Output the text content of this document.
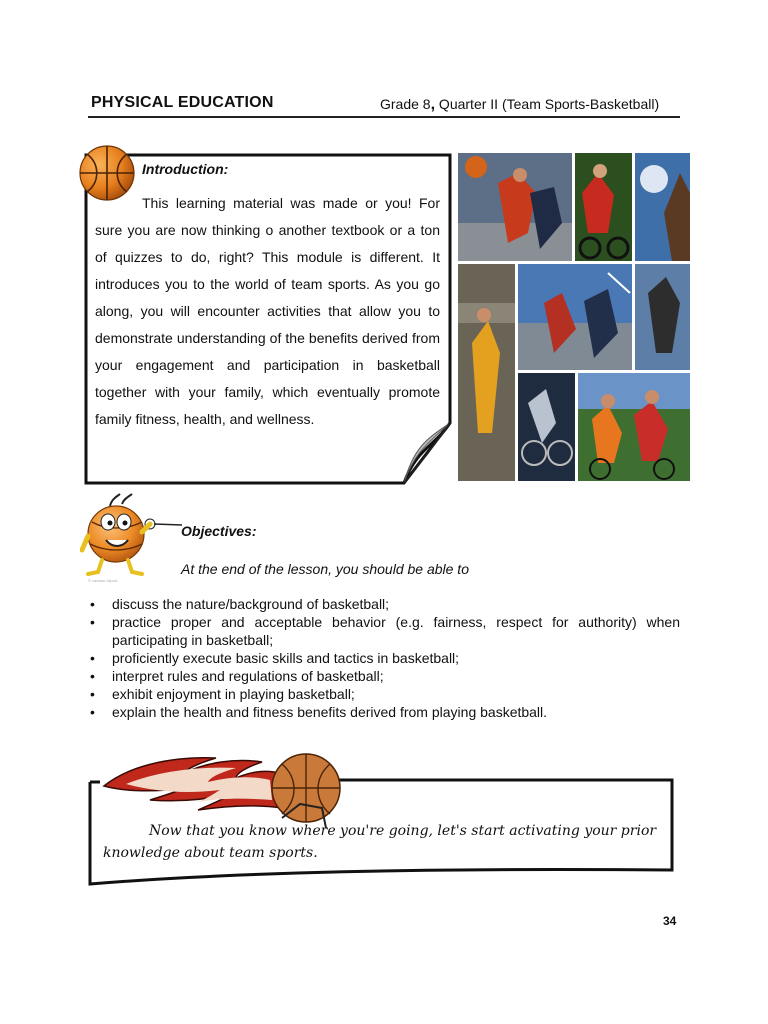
PHYSICAL EDUCATION	Grade 8, Quarter II (Team Sports-Basketball)
Introduction:
This learning material was made or you! For sure you are now thinking o another textbook or a ton of quizzes to do, right? This module is different. It introduces you to the world of team sports. As you go along, you will encounter activities that allow you to demonstrate understanding of the benefits derived from your engagement and participation in basketball together with your family, which eventually promote family fitness, health, and wellness.
Objectives:
At the end of the lesson, you should be able to
© cartoon clipart
• discuss the nature/background of basketball;
• practice proper and acceptable behavior (e.g. fairness, respect for authority) when participating in basketball;
• proficiently execute basic skills and tactics in basketball;
• interpret rules and regulations of basketball;
• exhibit enjoyment in playing basketball;
• explain the health and fitness benefits derived from playing basketball.
Now that you know where you're going, let's start activating your prior knowledge about team sports.
34
